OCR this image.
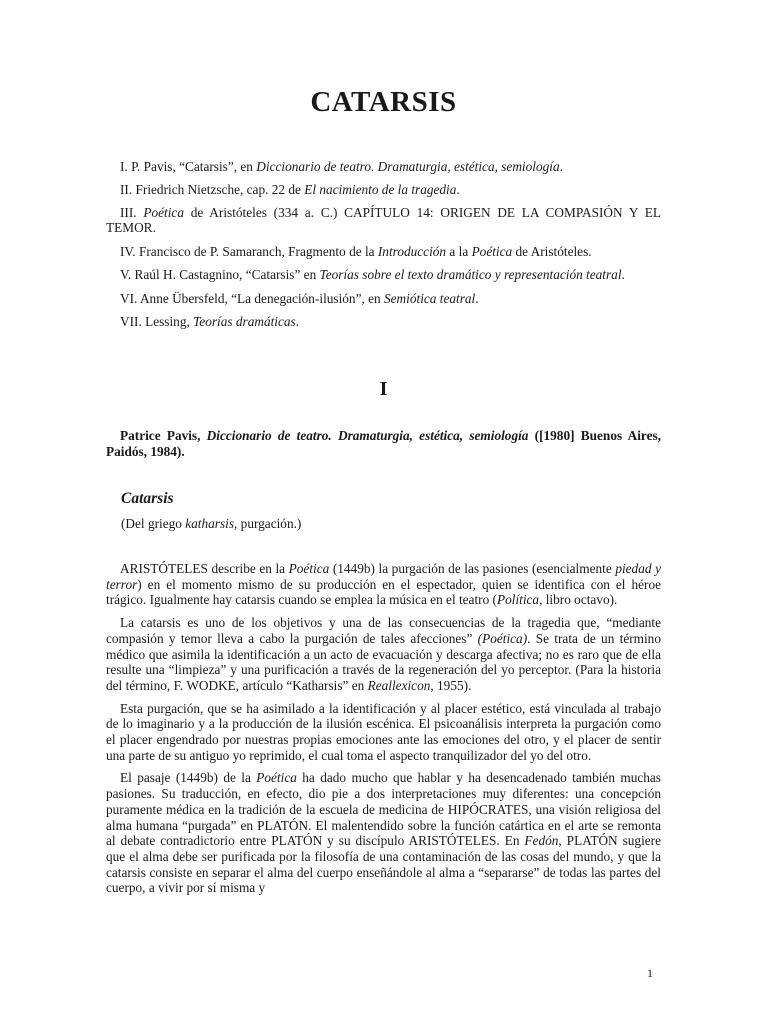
CATARSIS

I. P. Pavis, “Catarsis”, en Diccionario de teatro. Dramaturgia, estética, semiología.

II. Friedrich Nietzsche, cap. 22 de El nacimiento de la tragedia.

III. Poética de Aristóteles (334 a. C.) CAPÍTULO 14: ORIGEN DE LA COMPASIÓN Y EL TEMOR.

IV. Francisco de P. Samaranch, Fragmento de la Introducción a la Poética de Aristóteles.

V. Raúl H. Castagnino, “Catarsis” en Teorías sobre el texto dramático y representación teatral.

VI. Anne Übersfeld, “La denegación-ilusión”, en Semiótica teatral.

VII. Lessing, Teorías dramáticas.

I

Patrice Pavis, Diccionario de teatro. Dramaturgia, estética, semiología ([1980] Buenos Aires, Paidós, 1984).

Catarsis

(Del griego katharsis, purgación.)

ARISTÓTELES describe en la Poética (1449b) la purgación de las pasiones (esencialmente piedad y terror) en el momento mismo de su producción en el espectador, quien se identifica con el héroe trágico. Igualmente hay catarsis cuando se emplea la música en el teatro (Política, libro octavo).

La catarsis es uno de los objetivos y una de las consecuencias de la tragedia que, “mediante compasión y temor lleva a cabo la purgación de tales afecciones” (Poética). Se trata de un término médico que asimila la identificación a un acto de evacuación y descarga afectiva; no es raro que de ella resulte una “limpieza” y una purificación a través de la regeneración del yo perceptor. (Para la historia del término, F. WODKE, artículo “Katharsis” en Reallexicon, 1955).

Esta purgación, que se ha asimilado a la identificación y al placer estético, está vinculada al trabajo de lo imaginario y a la producción de la ilusión escénica. El psicoanálisis interpreta la purgación como el placer engendrado por nuestras propias emociones ante las emociones del otro, y el placer de sentir una parte de su antiguo yo reprimido, el cual toma el aspecto tranquilizador del yo del otro.

El pasaje (1449b) de la Poética ha dado mucho que hablar y ha desencadenado también muchas pasiones. Su traducción, en efecto, dio pie a dos interpretaciones muy diferentes: una concepción puramente médica en la tradición de la escuela de medicina de HIPÓCRATES, una visión religiosa del alma humana “purgada” en PLATÓN. El malentendido sobre la función catártica en el arte se remonta al debate contradictorio entre PLATÓN y su discípulo ARISTÓTELES. En Fedón, PLATÓN sugiere que el alma debe ser purificada por la filosofía de una contaminación de las cosas del mundo, y que la catarsis consiste en separar el alma del cuerpo enseñándole al alma a “separarse” de todas las partes del cuerpo, a vivir por sí misma y

1
